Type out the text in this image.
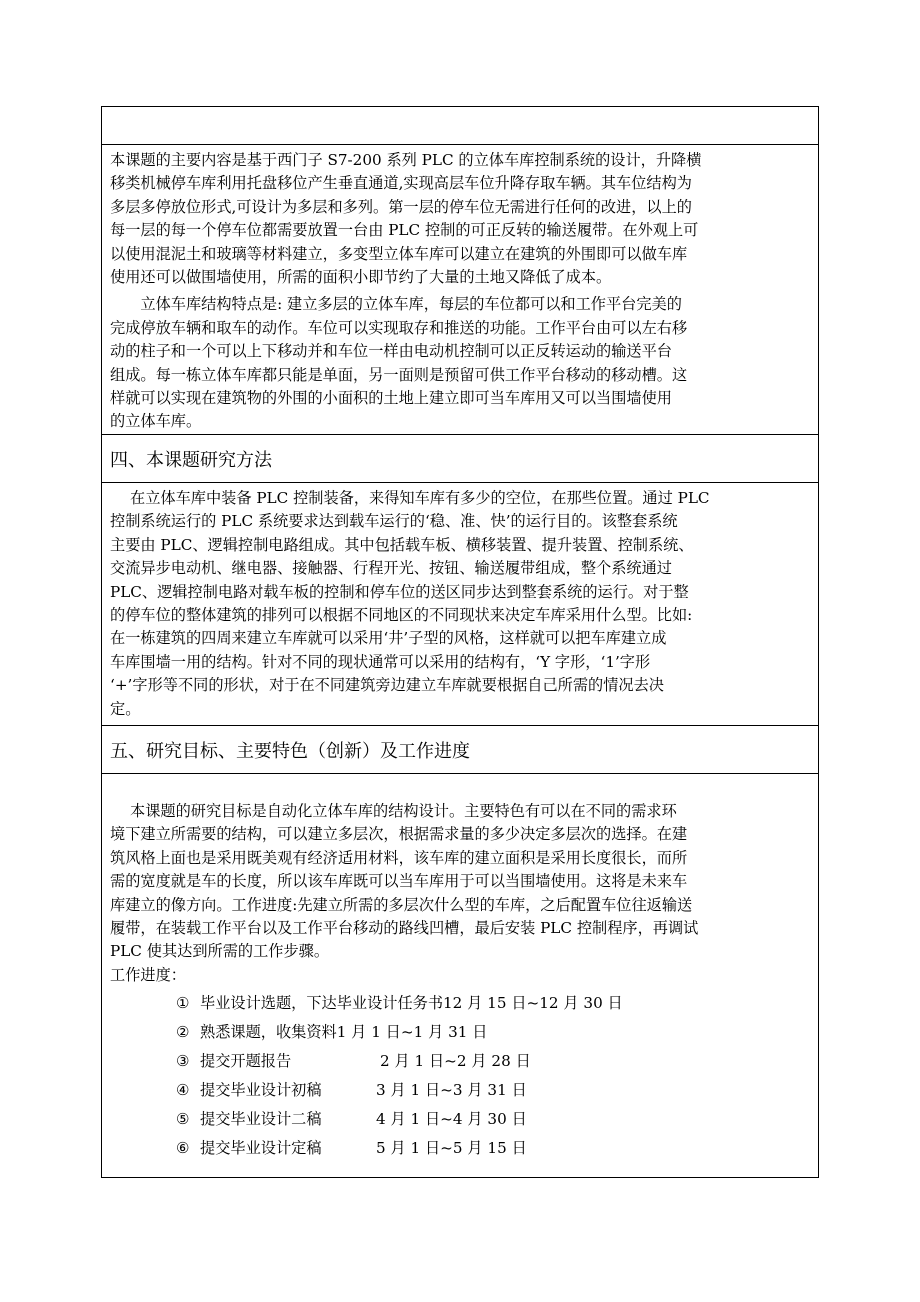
本课题的主要内容是基于西门子 S7-200 系列 PLC 的立体车库控制系统的设计，升降横

移类机械停车库利用托盘移位产生垂直通道,实现高层车位升降存取车辆。其车位结构为

多层多停放位形式,可设计为多层和多列。第一层的停车位无需进行任何的改进，以上的

每一层的每一个停车位都需要放置一台由 PLC 控制的可正反转的输送履带。在外观上可

以使用混泥土和玻璃等材料建立，多变型立体车库可以建立在建筑的外围即可以做车库

使用还可以做围墙使用，所需的面积小即节约了大量的土地又降低了成本。

　　立体车库结构特点是: 建立多层的立体车库，每层的车位都可以和工作平台完美的

完成停放车辆和取车的动作。车位可以实现取存和推送的功能。工作平台由可以左右移

动的柱子和一个可以上下移动并和车位一样由电动机控制可以正反转运动的输送平台

组成。每一栋立体车库都只能是单面，另一面则是预留可供工作平台移动的移动槽。这

样就可以实现在建筑物的外围的小面积的土地上建立即可当车库用又可以当围墙使用

的立体车库。

四、本课题研究方法

　 在立体车库中装备 PLC 控制装备，来得知车库有多少的空位，在那些位置。通过 PLC

控制系统运行的 PLC 系统要求达到载车运行的‘稳、准、快’的运行目的。该整套系统

主要由 PLC、逻辑控制电路组成。其中包括载车板、横移装置、提升装置、控制系统、

交流异步电动机、继电器、接触器、行程开光、按钮、输送履带组成，整个系统通过

PLC、逻辑控制电路对载车板的控制和停车位的送区同步达到整套系统的运行。对于整

的停车位的整体建筑的排列可以根据不同地区的不同现状来决定车库采用什么型。比如:

在一栋建筑的四周来建立车库就可以采用‘井’子型的风格，这样就可以把车库建立成

车库围墙一用的结构。针对不同的现状通常可以采用的结构有，‘Y 字形，‘1’字形

‘+’字形等不同的形状，对于在不同建筑旁边建立车库就要根据自己所需的情况去决

定。

五、研究目标、主要特色（创新）及工作进度

　 本课题的研究目标是自动化立体车库的结构设计。主要特色有可以在不同的需求环

境下建立所需要的结构，可以建立多层次，根据需求量的多少决定多层次的选择。在建

筑风格上面也是采用既美观有经济适用材料，该车库的建立面积是采用长度很长，而所

需的宽度就是车的长度，所以该车库既可以当车库用于可以当围墙使用。这将是未来车

库建立的像方向。工作进度:先建立所需的多层次什么型的车库，之后配置车位往返输送

履带，在装载工作平台以及工作平台移动的路线凹槽，最后安装 PLC 控制程序，再调试

PLC 使其达到所需的工作步骤。

工作进度：

① 毕业设计选题，下达毕业设计任务书 12 月 15 日~12 月 30 日
② 熟悉课题，收集资料 1 月 1 日~1 月 31 日
③ 提交开题报告	2 月 1 日~2 月 28 日
④ 提交毕业设计初稿	3 月 1 日~3 月 31 日
⑤ 提交毕业设计二稿	4 月 1 日~4 月 30 日
⑥ 提交毕业设计定稿	5 月 1 日~5 月 15 日
